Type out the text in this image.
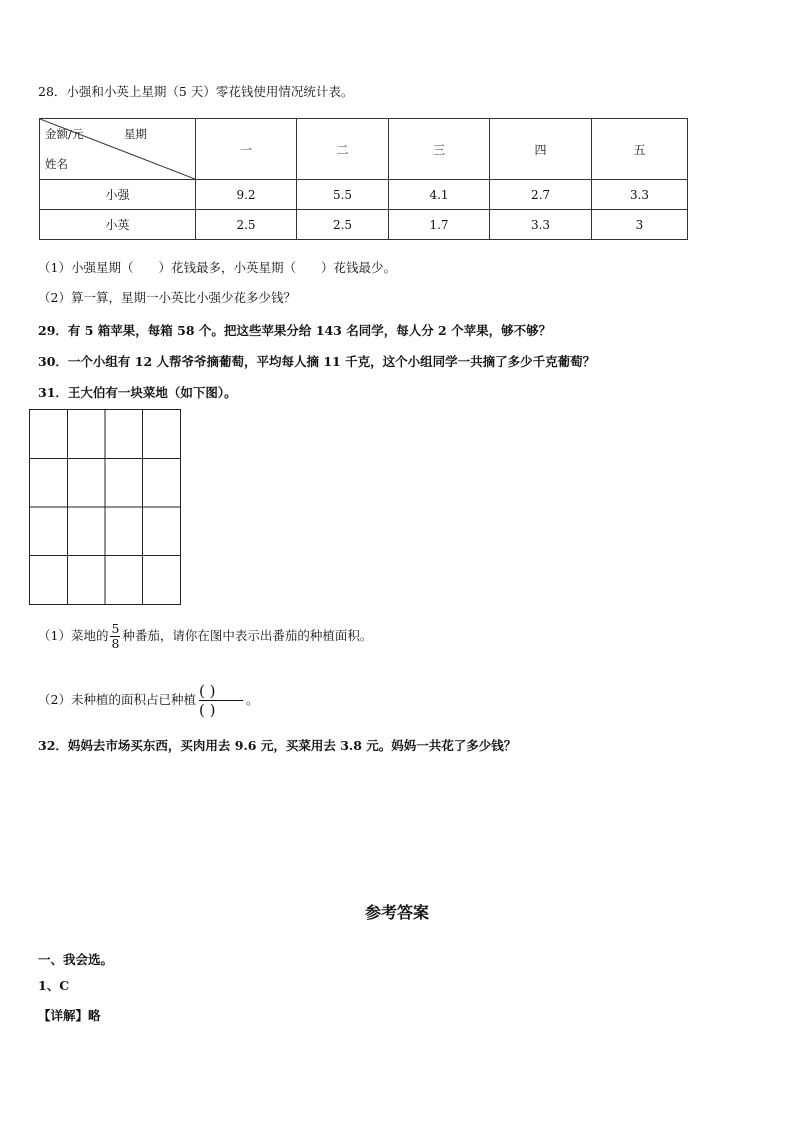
28．小强和小英上星期（5 天）零花钱使用情况统计表。
金额/元 星期
姓名	一	二	三	四	五
小强	9.2	5.5	4.1	2.7	3.3
小英	2.5	2.5	1.7	3.3	3
（1）小强星期（　　）花钱最多，小英星期（　　）花钱最少。
（2）算一算，星期一小英比小强少花多少钱？
29．有 5 箱苹果，每箱 58 个。把这些苹果分给 143 名同学，每人分 2 个苹果，够不够？
30．一个小组有 12 人帮爷爷摘葡萄，平均每人摘 11 千克，这个小组同学一共摘了多少千克葡萄？
31．王大伯有一块菜地（如下图）。
（1）菜地的 $\frac{5}{8}$ 种番茄，请你在图中表示出番茄的种植面积。
（2）未种植的面积占已种植 ( )
( )
。
32．妈妈去市场买东西，买肉用去 9.6 元，买菜用去 3.8 元。妈妈一共花了多少钱？
参考答案
一、我会选。
1、C
【详解】略
